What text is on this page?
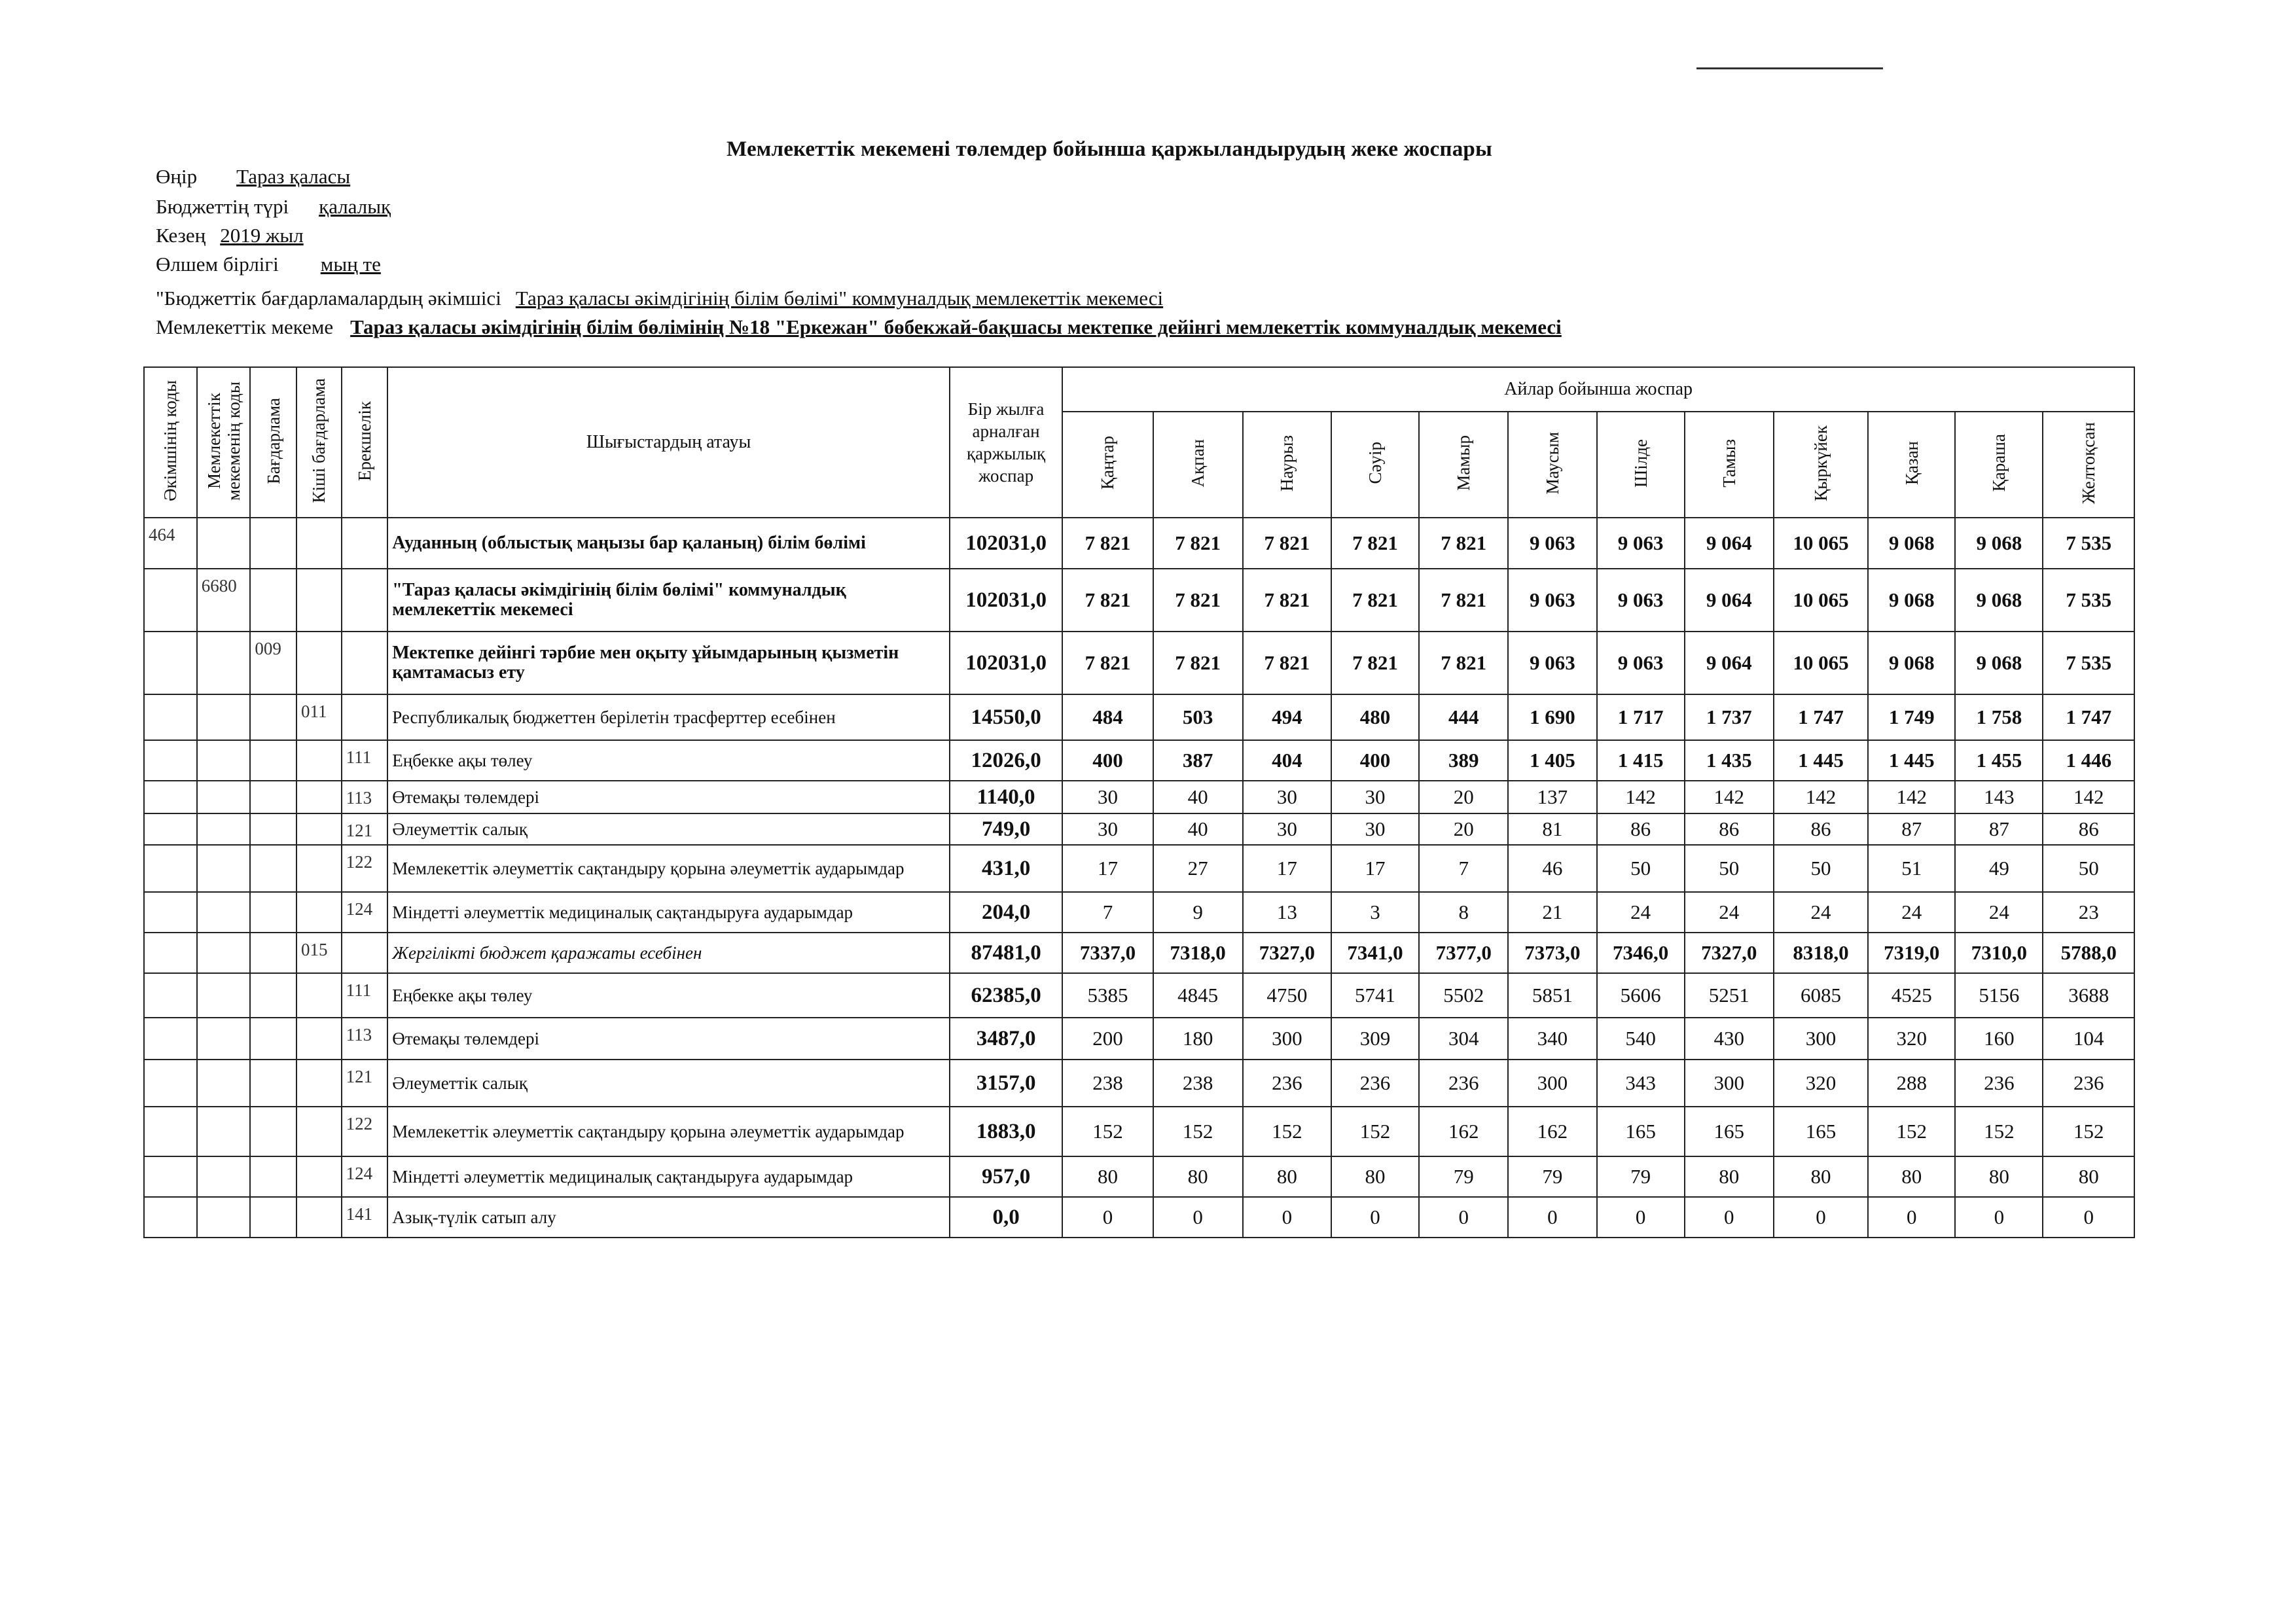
Мемлекеттік мекемені төлемдер бойынша қаржыландырудың жеке жоспары
Өңір Тараз қаласы
Бюджеттің түрі қалалық
Кезең 2019 жыл
Өлшем бірлігі мың те
"Бюджеттік бағдарламалардың әкімшісі Тараз қаласы әкімдігінің білім бөлімі" коммуналдық мемлекеттік мекемесі
Мемлекеттік мекеме Тараз қаласы әкімдігінің білім бөлімінің №18 "Еркежан" бөбекжай-бақшасы мектепке дейінгі мемлекеттік коммуналдық мекемесі
Әкімшінің коды	Мемлекеттік мекеменің коды	Бағдарлама	Кіші бағдарлама	Ерекшелік	Шығыстардың атауы	Бір жылға арналған қаржылық жоспар	Айлар бойынша жоспар											
							Қаңтар	Ақпан	Наурыз	Сәуір	Мамыр	Маусым	Шілде	Тамыз	Қыркүйек	Қазан	Қараша	Желтоқсан
464					Ауданның (облыстық маңызы бар қаланың) білім бөлімі	102031,0	7 821	7 821	7 821	7 821	7 821	9 063	9 063	9 064	10 065	9 068	9 068	7 535
	6680				"Тараз қаласы әкімдігінің білім бөлімі" коммуналдық мемлекеттік мекемесі	102031,0	7 821	7 821	7 821	7 821	7 821	9 063	9 063	9 064	10 065	9 068	9 068	7 535
		009			Мектепке дейінгі тәрбие мен оқыту ұйымдарының қызметін қамтамасыз ету	102031,0	7 821	7 821	7 821	7 821	7 821	9 063	9 063	9 064	10 065	9 068	9 068	7 535
			011		Республикалық бюджеттен берілетін трасферттер есебінен	14550,0	484	503	494	480	444	1 690	1 717	1 737	1 747	1 749	1 758	1 747
				111	Еңбекке ақы төлеу	12026,0	400	387	404	400	389	1 405	1 415	1 435	1 445	1 445	1 455	1 446
				113	Өтемақы төлемдері	1140,0	30	40	30	30	20	137	142	142	142	142	143	142
				121	Әлеуметтік салық	749,0	30	40	30	30	20	81	86	86	86	87	87	86
				122	Мемлекеттік әлеуметтік сақтандыру қорына әлеуметтік аударымдар	431,0	17	27	17	17	7	46	50	50	50	51	49	50
				124	Міндетті әлеуметтік медициналық сақтандыруға аударымдар	204,0	7	9	13	3	8	21	24	24	24	24	24	23
			015		Жергілікті бюджет қаражаты есебінен	87481,0	7337,0	7318,0	7327,0	7341,0	7377,0	7373,0	7346,0	7327,0	8318,0	7319,0	7310,0	5788,0
				111	Еңбекке ақы төлеу	62385,0	5385	4845	4750	5741	5502	5851	5606	5251	6085	4525	5156	3688
				113	Өтемақы төлемдері	3487,0	200	180	300	309	304	340	540	430	300	320	160	104
				121	Әлеуметтік салық	3157,0	238	238	236	236	236	300	343	300	320	288	236	236
				122	Мемлекеттік әлеуметтік сақтандыру қорына әлеуметтік аударымдар	1883,0	152	152	152	152	162	162	165	165	165	152	152	152
				124	Міндетті әлеуметтік медициналық сақтандыруға аударымдар	957,0	80	80	80	80	79	79	79	80	80	80	80	80
				141	Азық-түлік сатып алу	0,0	0	0	0	0	0	0	0	0	0	0	0	0
